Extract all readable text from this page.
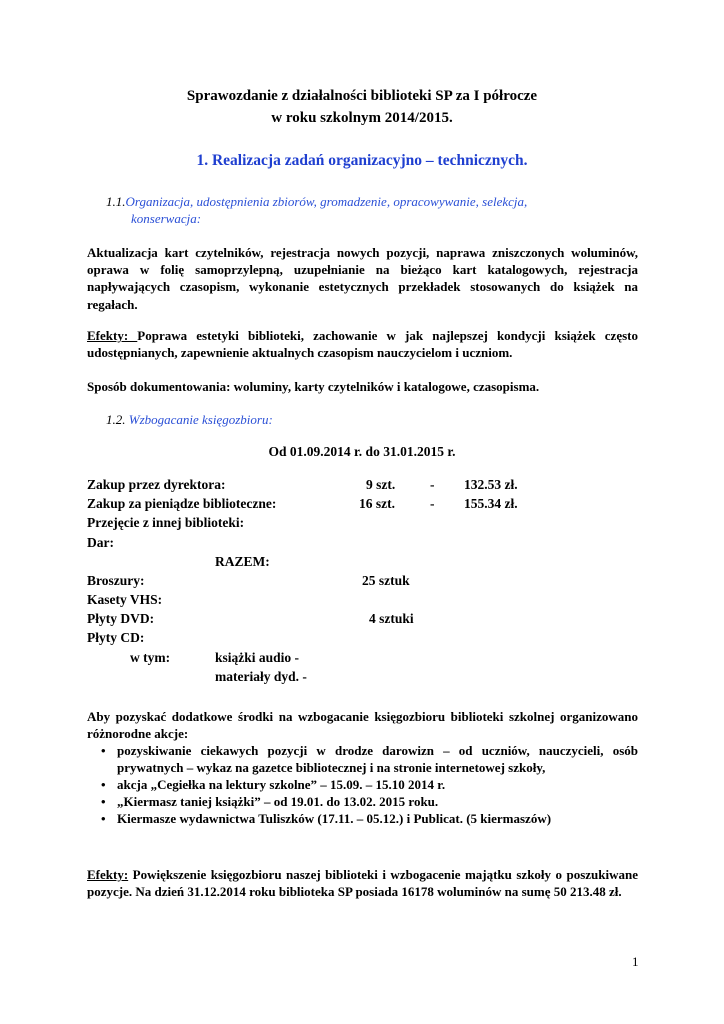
Sprawozdanie z działalności biblioteki SP za I półrocze
w roku szkolnym 2014/2015.
1. Realizacja zadań organizacyjno – technicznych.
1.1.Organizacja, udostępnienia zbiorów, gromadzenie, opracowywanie, selekcja,
konserwacja:
Aktualizacja kart czytelników, rejestracja nowych pozycji, naprawa zniszczonych woluminów, oprawa w folię samoprzylepną, uzupełnianie na bieżąco kart katalogowych, rejestracja napływających czasopism, wykonanie estetycznych przekładek stosowanych do książek na regałach.
Efekty: Poprawa estetyki biblioteki, zachowanie w jak najlepszej kondycji książek często udostępnianych, zapewnienie aktualnych czasopism nauczycielom i uczniom.
Sposób dokumentowania: woluminy, karty czytelników i katalogowe, czasopisma.
1.2. Wzbogacanie księgozbioru:
Od 01.09.2014 r. do 31.01.2015 r.
Zakup przez dyrektora:	9 szt.	- 132.53 zł.
Zakup za pieniądze biblioteczne:	16 szt.	- 155.34 zł.
Przejęcie z innej biblioteki:
Dar:
RAZEM:
Broszury:	25 sztuk
Kasety VHS:
Płyty DVD:	4 sztuki
Płyty CD:
w tym:	książki audio -
materiały dyd. -
Aby pozyskać dodatkowe środki na wzbogacanie księgozbioru biblioteki szkolnej organizowano różnorodne akcje:
• pozyskiwanie ciekawych pozycji w drodze darowizn – od uczniów, nauczycieli, osób prywatnych – wykaz na gazetce bibliotecznej i na stronie internetowej szkoły,
• akcja „Cegiełka na lektury szkolne” – 15.09. – 15.10 2014 r.
• „Kiermasz taniej książki” – od 19.01. do 13.02. 2015 roku.
• Kiermasze wydawnictwa Tuliszków (17.11. – 05.12.) i Publicat. (5 kiermaszów)
Efekty: Powiększenie księgozbioru naszej biblioteki i wzbogacenie majątku szkoły o poszukiwane pozycje. Na dzień 31.12.2014 roku biblioteka SP posiada 16178 woluminów na sumę 50 213.48 zł.
1
